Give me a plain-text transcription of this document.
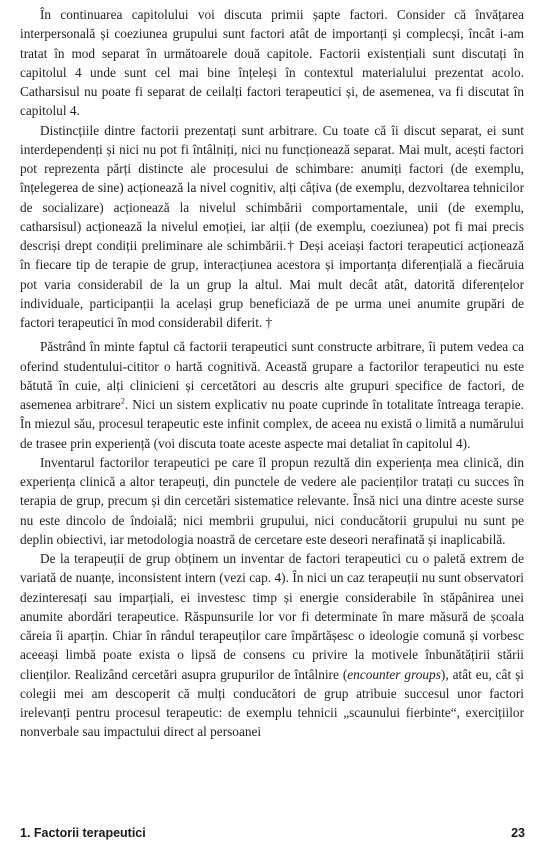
În continuarea capitolului voi discuta primii șapte factori. Consider că învățarea interpersonală și coeziunea grupului sunt factori atât de importanți și complecși, încât i-am tratat în mod separat în următoarele două capitole. Factorii existențiali sunt discutați în capitolul 4 unde sunt cel mai bine înțeleși în contextul materialului prezentat acolo. Catharsisul nu poate fi separat de ceilalți factori terapeutici și, de asemenea, va fi discutat în capitolul 4.

Distincțiile dintre factorii prezentați sunt arbitrare. Cu toate că îi discut separat, ei sunt interdependenți și nici nu pot fi întâlniți, nici nu funcționează separat. Mai mult, acești factori pot reprezenta părți distincte ale procesului de schimbare: anumiți factori (de exemplu, înțelegerea de sine) acționează la nivel cognitiv, alți câțiva (de exemplu, dezvoltarea tehnicilor de socializare) acționează la nivelul schimbării comportamentale, unii (de exemplu, catharsisul) acționează la nivelul emoției, iar alții (de exemplu, coeziunea) pot fi mai precis descriși drept condiții preliminare ale schimbării.† Deși aceiași factori terapeutici acționează în fiecare tip de terapie de grup, interacțiunea acestora și importanța diferențială a fiecăruia pot varia considerabil de la un grup la altul. Mai mult decât atât, datorită diferențelor individuale, participanții la același grup beneficiază de pe urma unei anumite grupări de factori terapeutici în mod considerabil diferit. †

Păstrând în minte faptul că factorii terapeutici sunt constructe arbitrare, îi putem vedea ca oferind studentului-cititor o hartă cognitivă. Această grupare a factorilor terapeutici nu este bătută în cuie, alți clinicieni și cercetători au descris alte grupuri specifice de factori, de asemenea arbitrare$^2$. Nici un sistem explicativ nu poate cuprinde în totalitate întreaga terapie. În miezul său, procesul terapeutic este infinit complex, de aceea nu există o limită a numărului de trasee prin experiență (voi discuta toate aceste aspecte mai detaliat în capitolul 4).

Inventarul factorilor terapeutici pe care îl propun rezultă din experiența mea clinică, din experiența clinică a altor terapeuți, din punctele de vedere ale pacienților tratați cu succes în terapia de grup, precum și din cercetări sistematice relevante. Însă nici una dintre aceste surse nu este dincolo de îndoială; nici membrii grupului, nici conducătorii grupului nu sunt pe deplin obiectivi, iar metodologia noastră de cercetare este deseori nerafinată și inaplicabilă.

De la terapeuții de grup obținem un inventar de factori terapeutici cu o paletă extrem de variată de nuanțe, inconsistent intern (vezi cap. 4). În nici un caz terapeuții nu sunt observatori dezinteresați sau imparțiali, ei investesc timp și energie considerabile în stăpânirea unei anumite abordări terapeutice. Răspunsurile lor vor fi determinate în mare măsură de școala căreia îi aparțin. Chiar în rândul terapeuților care împărtășesc o ideologie comună și vorbesc aceeași limbă poate exista o lipsă de consens cu privire la motivele înbunătățirii stării clienților. Realizând cercetări asupra grupurilor de întâlnire (encounter groups), atât eu, cât și colegii mei am descoperit că mulți conducători de grup atribuie succesul unor factori irelevanți pentru procesul terapeutic: de exemplu tehnicii „scaunului fierbinte“, exercițiilor nonverbale sau impactului direct al persoanei

1. Factorii terapeutici	23
